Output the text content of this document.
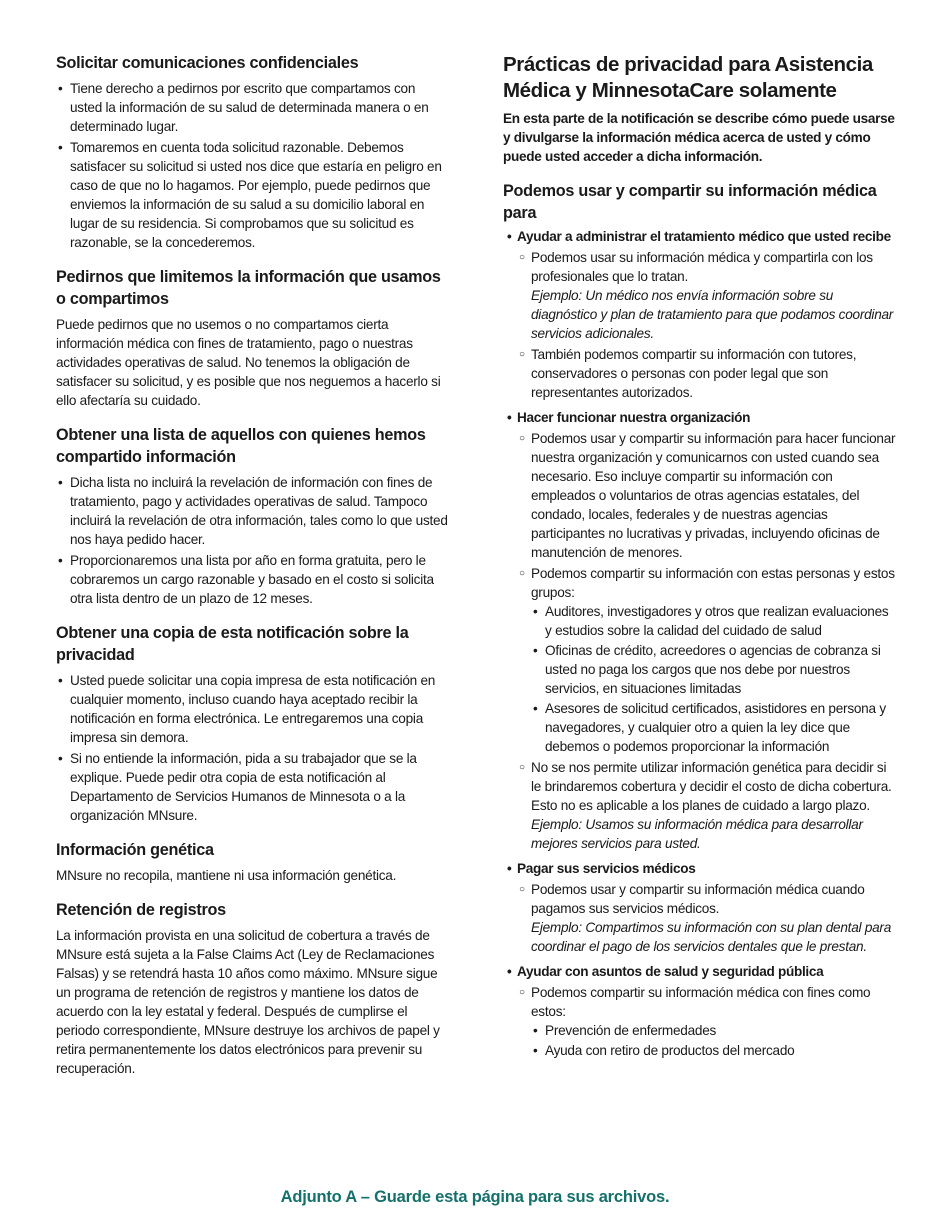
Solicitar comunicaciones confidenciales
• Tiene derecho a pedirnos por escrito que compartamos con usted la información de su salud de determinada manera o en determinado lugar.
• Tomaremos en cuenta toda solicitud razonable. Debemos satisfacer su solicitud si usted nos dice que estaría en peligro en caso de que no lo hagamos. Por ejemplo, puede pedirnos que enviemos la información de su salud a su domicilio laboral en lugar de su residencia. Si comprobamos que su solicitud es razonable, se la concederemos.
Pedirnos que limitemos la información que usamos o compartimos

Puede pedirnos que no usemos o no compartamos cierta información médica con fines de tratamiento, pago o nuestras actividades operativas de salud. No tenemos la obligación de satisfacer su solicitud, y es posible que nos neguemos a hacerlo si ello afectaría su cuidado.

Obtener una lista de aquellos con quienes hemos compartido información
• Dicha lista no incluirá la revelación de información con fines de tratamiento, pago y actividades operativas de salud. Tampoco incluirá la revelación de otra información, tales como lo que usted nos haya pedido hacer.
• Proporcionaremos una lista por año en forma gratuita, pero le cobraremos un cargo razonable y basado en el costo si solicita otra lista dentro de un plazo de 12 meses.
Obtener una copia de esta notificación sobre la privacidad
• Usted puede solicitar una copia impresa de esta notificación en cualquier momento, incluso cuando haya aceptado recibir la notificación en forma electrónica. Le entregaremos una copia impresa sin demora.
• Si no entiende la información, pida a su trabajador que se la explique. Puede pedir otra copia de esta notificación al Departamento de Servicios Humanos de Minnesota o a la organización MNsure.
Información genética

MNsure no recopila, mantiene ni usa información genética.

Retención de registros

La información provista en una solicitud de cobertura a través de MNsure está sujeta a la False Claims Act (Ley de Reclamaciones Falsas) y se retendrá hasta 10 años como máximo. MNsure sigue un programa de retención de registros y mantiene los datos de acuerdo con la ley estatal y federal. Después de cumplirse el periodo correspondiente, MNsure destruye los archivos de papel y retira permanentemente los datos electrónicos para prevenir su recuperación.

Prácticas de privacidad para Asistencia Médica y MinnesotaCare solamente
En esta parte de la notificación se describe cómo puede usarse y divulgarse la información médica acerca de usted y cómo puede usted acceder a dicha información.
Podemos usar y compartir su información médica para
• Ayudar a administrar el tratamiento médico que usted recibe
○ Podemos usar su información médica y compartirla con los profesionales que lo tratan.

Ejemplo: Un médico nos envía información sobre su diagnóstico y plan de tratamiento para que podamos coordinar servicios adicionales.

○ También podemos compartir su información con tutores, conservadores o personas con poder legal que son representantes autorizados.

• Hacer funcionar nuestra organización
○ Podemos usar y compartir su información para hacer funcionar nuestra organización y comunicarnos con usted cuando sea necesario. Eso incluye compartir su información con empleados o voluntarios de otras agencias estatales, del condado, locales, federales y de nuestras agencias participantes no lucrativas y privadas, incluyendo oficinas de manutención de menores.

○ Podemos compartir su información con estas personas y estos grupos:

• Auditores, investigadores y otros que realizan evaluaciones y estudios sobre la calidad del cuidado de salud
• Oficinas de crédito, acreedores o agencias de cobranza si usted no paga los cargos que nos debe por nuestros servicios, en situaciones limitadas
• Asesores de solicitud certificados, asistidores en persona y navegadores, y cualquier otro a quien la ley dice que debemos o podemos proporcionar la información
○ No se nos permite utilizar información genética para decidir si le brindaremos cobertura y decidir el costo de dicha cobertura. Esto no es aplicable a los planes de cuidado a largo plazo.

Ejemplo: Usamos su información médica para desarrollar mejores servicios para usted.

• Pagar sus servicios médicos
○ Podemos usar y compartir su información médica cuando pagamos sus servicios médicos.

Ejemplo: Compartimos su información con su plan dental para coordinar el pago de los servicios dentales que le prestan.

• Ayudar con asuntos de salud y seguridad pública
○ Podemos compartir su información médica con fines como estos:

• Prevención de enfermedades
• Ayuda con retiro de productos del mercado
Adjunto A – Guarde esta página para sus archivos.
